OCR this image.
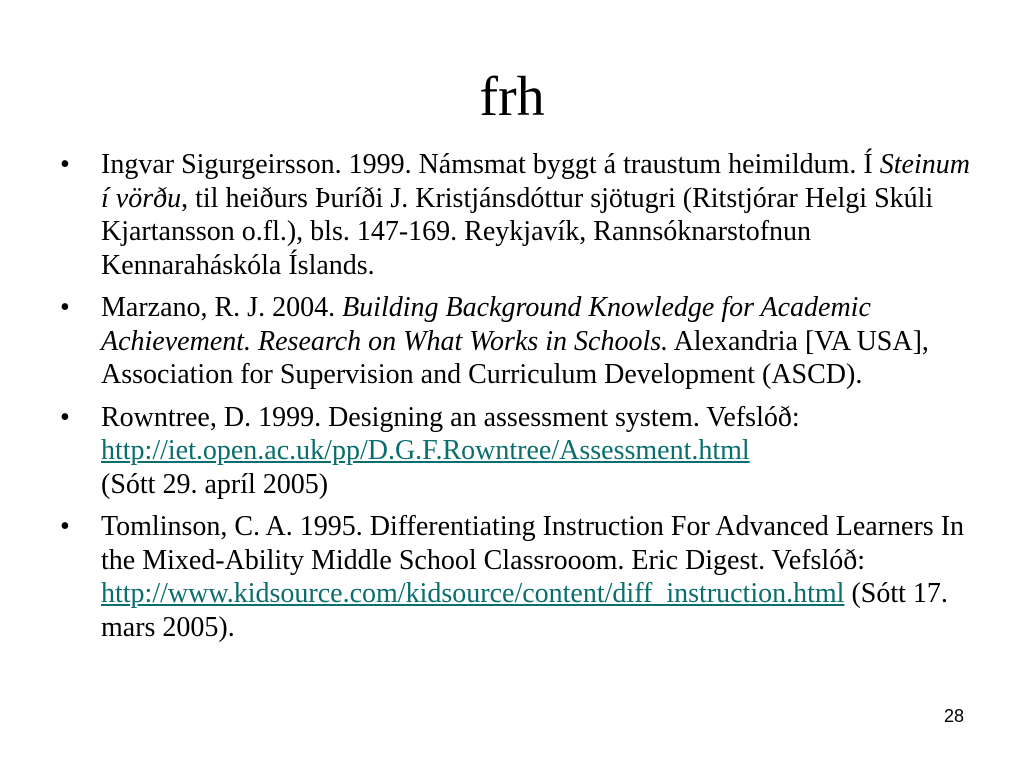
frh
• Ingvar Sigurgeirsson. 1999. Námsmat byggt á traustum heimildum. Í Steinum í vörðu, til heiðurs Þuríði J. Kristjánsdóttur sjötugri (Ritstjórar Helgi Skúli Kjartansson o.fl.), bls. 147-169. Reykjavík, Rannsóknarstofnun Kennaraháskóla Íslands.
• Marzano, R. J. 2004. Building Background Knowledge for Academic Achievement. Research on What Works in Schools. Alexandria [VA USA], Association for Supervision and Curriculum Development (ASCD).
• Rowntree, D. 1999. Designing an assessment system. Vefslóð:
http://iet.open.ac.uk/pp/D.G.F.Rowntree/Assessment.html
(Sótt 29. apríl 2005)
• Tomlinson, C. A. 1995. Differentiating Instruction For Advanced Learners In the Mixed-Ability Middle School Classrooom. Eric Digest. Vefslóð:
http://www.kidsource.com/kidsource/content/diff_instruction.html (Sótt 17. mars 2005).
28
